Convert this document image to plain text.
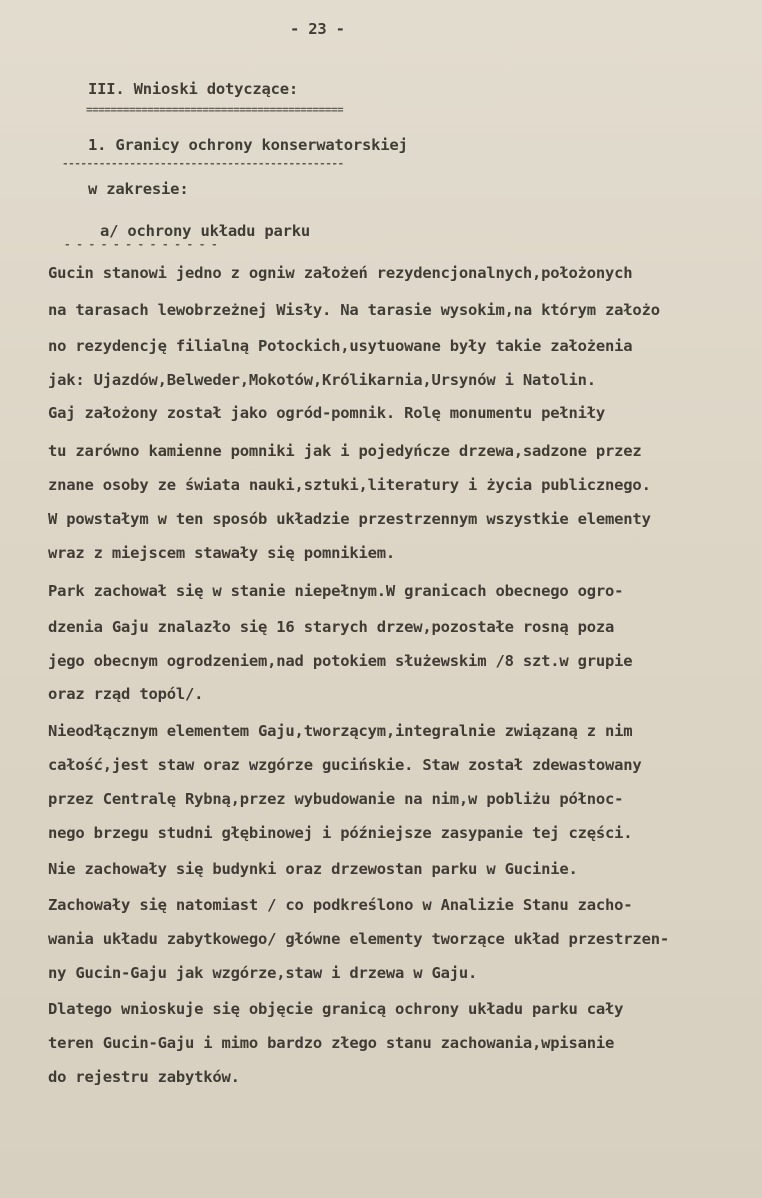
- 23 -
III. Wnioski dotyczące:
==========================================
1. Granicy ochrony konserwatorskiej
----------------------------------------------
w zakresie:
a/ ochrony układu parku
- - - - - - - - - - - - -
Gucin stanowi jedno z ogniw założeń rezydencjonalnych,położonych
na tarasach lewobrzeżnej Wisły. Na tarasie wysokim,na którym założo
no rezydencję filialną Potockich,usytuowane były takie założenia
jak: Ujazdów,Belweder,Mokotów,Królikarnia,Ursynów i Natolin.
Gaj założony został jako ogród-pomnik. Rolę monumentu pełniły
tu zarówno kamienne pomniki jak i pojedyńcze drzewa,sadzone przez
znane osoby ze świata nauki,sztuki,literatury i życia publicznego.
W powstałym w ten sposób układzie przestrzennym wszystkie elementy
wraz z miejscem stawały się pomnikiem.
Park zachował się w stanie niepełnym.W granicach obecnego ogro-
dzenia Gaju znalazło się 16 starych drzew,pozostałe rosną poza
jego obecnym ogrodzeniem,nad potokiem służewskim /8 szt.w grupie
oraz rząd topól/.
Nieodłącznym elementem Gaju,tworzącym,integralnie związaną z nim
całość,jest staw oraz wzgórze gucińskie. Staw został zdewastowany
przez Centralę Rybną,przez wybudowanie na nim,w pobliżu północ-
nego brzegu studni głębinowej i późniejsze zasypanie tej części.
Nie zachowały się budynki oraz drzewostan parku w Gucinie.
Zachowały się natomiast / co podkreślono w Analizie Stanu zacho-
wania układu zabytkowego/ główne elementy tworzące układ przestrzen-
ny Gucin-Gaju jak wzgórze,staw i drzewa w Gaju.
Dlatego wnioskuje się objęcie granicą ochrony układu parku cały
teren Gucin-Gaju i mimo bardzo złego stanu zachowania,wpisanie
do rejestru zabytków.
